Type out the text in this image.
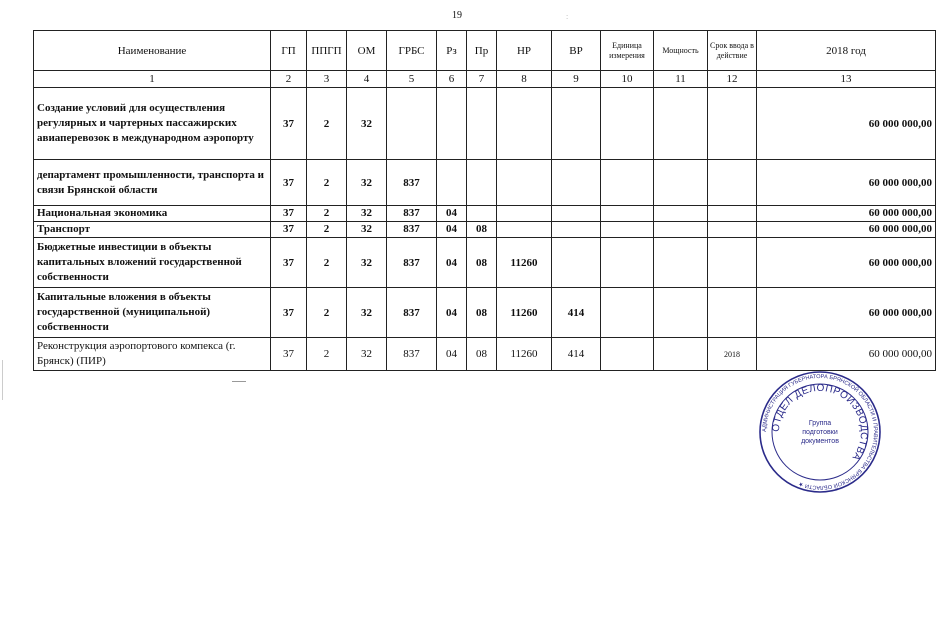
19	:
Наименование	ГП	ППГП	ОМ	ГРБС	Рз	Пр	НР	ВР	Единица измерения	Мощность	Срок ввода в действие	2018 год
1	2	3	4	5	6	7	8	9	10	11	12	13
Создание условий для осуществления регулярных и чартерных пассажирских авиаперевозок в международном аэропорту	37	2	32									60 000 000,00
департамент промышленности, транспорта и связи Брянской области	37	2	32	837								60 000 000,00
Национальная экономика	37	2	32	837	04							60 000 000,00
Транспорт	37	2	32	837	04	08						60 000 000,00
Бюджетные инвестиции в объекты капитальных вложений государственной собственности	37	2	32	837	04	08	11260					60 000 000,00
Капитальные вложения в объекты государственной (муниципальной) собственности	37	2	32	837	04	08	11260	414				60 000 000,00
Реконструкция аэропортового компекса (г. Брянск) (ПИР)	37	2	32	837	04	08	11260	414			2018	60 000 000,00
АДМИНИСТРАЦИЯ ГУБЕРНАТОРА БРЯНСКОЙ ОБЛАСТИ И ПРАВИТЕЛЬСТВА БРЯНСКОЙ ОБЛАСТИ ★
ОТДЕЛ ДЕЛОПРОИЗВОДСТВА
Группа
подготовки
документов
